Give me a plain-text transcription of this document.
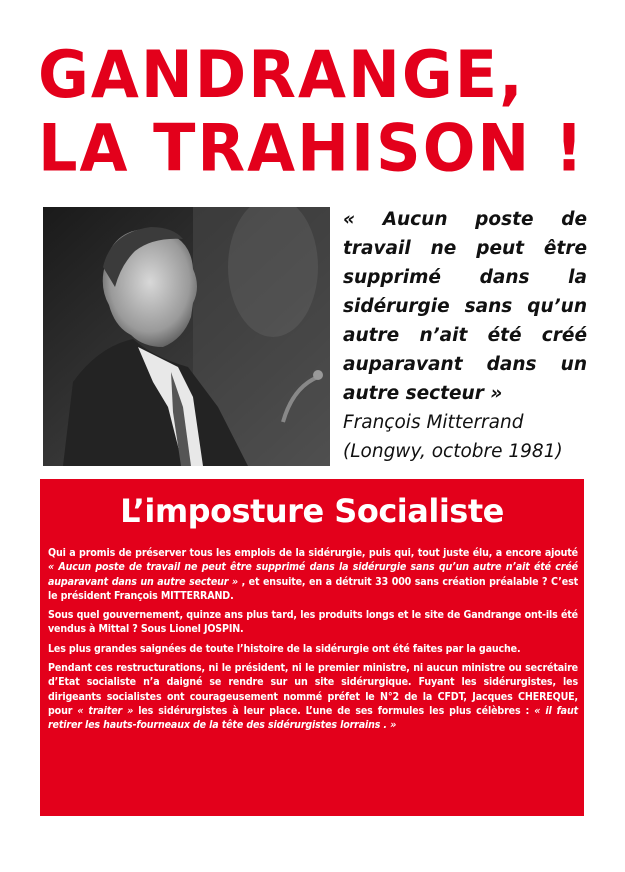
GANDRANGE,
LA TRAHISON !
« Aucun poste de travail ne peut être supprimé dans la sidérurgie sans qu’un autre n’ait été créé auparavant dans un autre secteur »
François Mitterrand
(Longwy, octobre 1981)
L’imposture Socialiste

Qui a promis de préserver tous les emplois de la sidérurgie, puis qui, tout juste élu, a encore ajouté « Aucun poste de travail ne peut être supprimé dans la sidérurgie sans qu’un autre n’ait été créé auparavant dans un autre secteur » , et ensuite, en a détruit 33 000 sans création préalable ? C’est le président François MITTERRAND.

Sous quel gouvernement, quinze ans plus tard, les produits longs et le site de Gandrange ont-ils été vendus à Mittal ? Sous Lionel JOSPIN.

Les plus grandes saignées de toute l’histoire de la sidérurgie ont été faites par la gauche.

Pendant ces restructurations, ni le président, ni le premier ministre, ni aucun ministre ou secrétaire d’Etat socialiste n’a daigné se rendre sur un site sidérurgique. Fuyant les sidérurgistes, les dirigeants socialistes ont courageusement nommé préfet le N°2 de la CFDT, Jacques CHEREQUE, pour « traiter » les sidérurgistes à leur place. L’une de ses formules les plus célèbres : « il faut retirer les hauts-fourneaux de la tête des sidérurgistes lorrains . »
